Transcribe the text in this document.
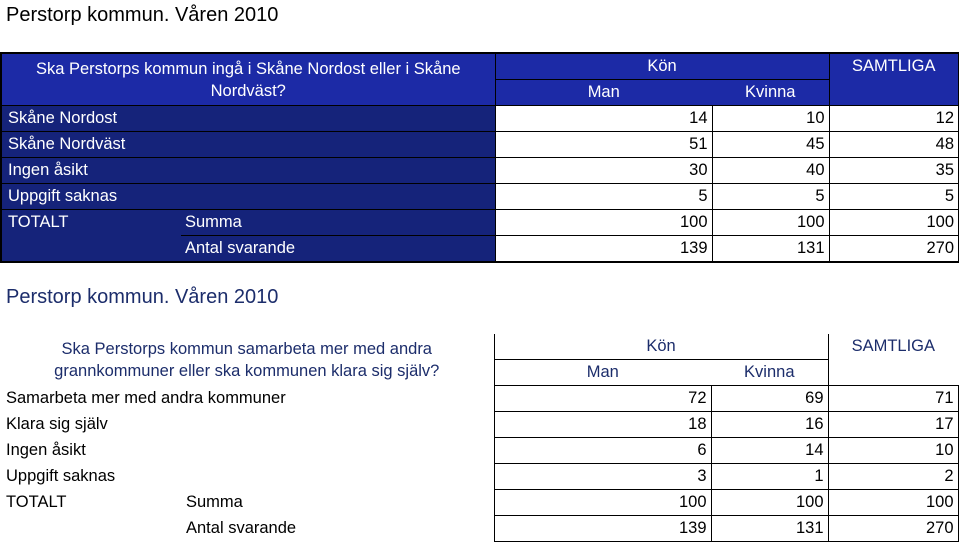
Perstorp kommun. Våren 2010
Ska Perstorps kommun ingå i Skåne Nordost eller i Skåne Nordväst?		Kön		SAMTLIGA
		Man	Kvinna	
Skåne Nordost		14	10	12
Skåne Nordväst		51	45	48
Ingen åsikt		30	40	35
Uppgift saknas		5	5	5
TOTALT	Summa	100	100	100
	Antal svarande	139	131	270
Perstorp kommun. Våren 2010
Ska Perstorps kommun samarbeta mer med andra grannkommuner eller ska kommunen klara sig själv?		Kön		SAMTLIGA
		Man	Kvinna	
Samarbeta mer med andra kommuner		72	69	71
Klara sig själv		18	16	17
Ingen åsikt		6	14	10
Uppgift saknas		3	1	2
TOTALT	Summa	100	100	100
	Antal svarande	139	131	270
